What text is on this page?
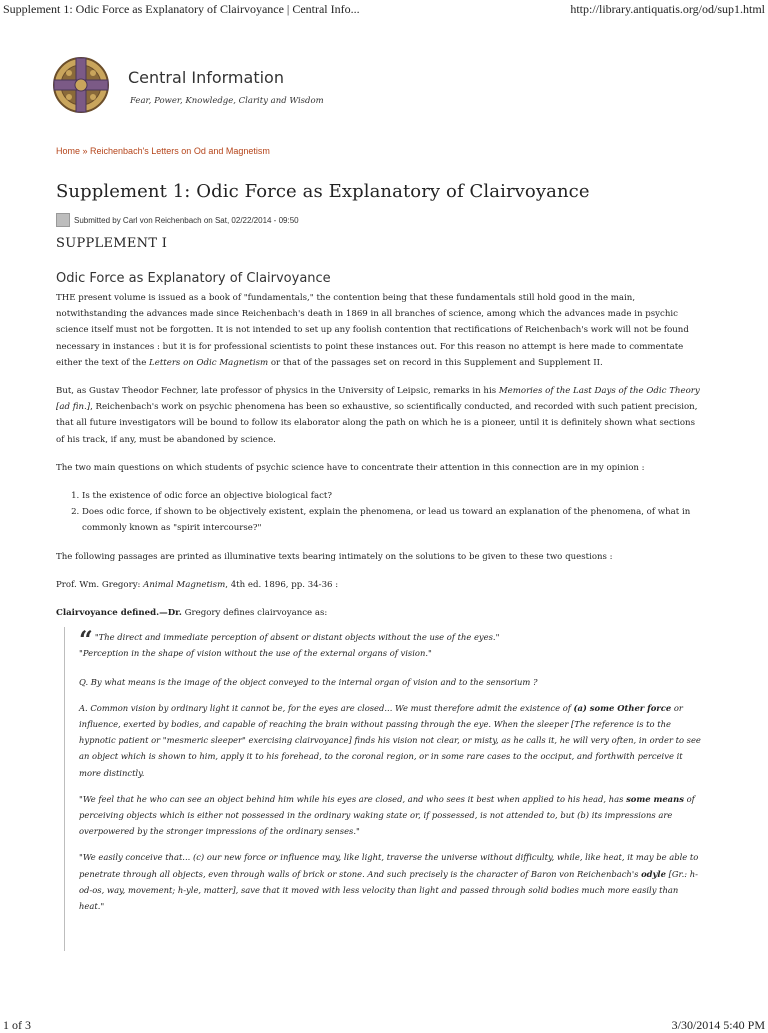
Supplement 1: Odic Force as Explanatory of Clairvoyance | Central Info...	http://library.antiquatis.org/od/sup1.html
Central Information
Fear, Power, Knowledge, Clarity and Wisdom
Home » Reichenbach's Letters on Od and Magnetism
Supplement 1: Odic Force as Explanatory of Clairvoyance
Submitted by Carl von Reichenbach on Sat, 02/22/2014 - 09:50
SUPPLEMENT I
Odic Force as Explanatory of Clairvoyance

THE present volume is issued as a book of "fundamentals," the contention being that these fundamentals still hold good in the main, notwithstanding the advances made since Reichenbach's death in 1869 in all branches of science, among which the advances made in psychic science itself must not be forgotten. It is not intended to set up any foolish contention that rectifications of Reichenbach's work will not be found necessary in instances : but it is for professional scientists to point these instances out. For this reason no attempt is here made to commentate either the text of the Letters on Odic Magnetism or that of the passages set on record in this Supplement and Supplement II.

But, as Gustav Theodor Fechner, late professor of physics in the University of Leipsic, remarks in his Memories of the Last Days of the Odic Theory [ad fin.], Reichenbach's work on psychic phenomena has been so exhaustive, so scientifically conducted, and recorded with such patient precision, that all future investigators will be bound to follow its elaborator along the path on which he is a pioneer, until it is definitely shown what sections of his track, if any, must be abandoned by science.

The two main questions on which students of psychic science have to concentrate their attention in this connection are in my opinion :

1. Is the existence of odic force an objective biological fact?
2. Does odic force, if shown to be objectively existent, explain the phenomena, or lead us toward an explanation of the phenomena, of what in commonly known as "spirit intercourse?"

The following passages are printed as illuminative texts bearing intimately on the solutions to be given to these two questions :

Prof. Wm. Gregory: Animal Magnetism, 4th ed. 1896, pp. 34-36 :

Clairvoyance defined.—Dr. Gregory defines clairvoyance as:

“ "The direct and immediate perception of absent or distant objects without the use of the eyes."
"Perception in the shape of vision without the use of the external organs of vision."

Q. By what means is the image of the object conveyed to the internal organ of vision and to the sensorium ?

A. Common vision by ordinary light it cannot be, for the eyes are closed... We must therefore admit the existence of (a) some Other force or influence, exerted by bodies, and capable of reaching the brain without passing through the eye. When the sleeper [The reference is to the hypnotic patient or "mesmeric sleeper" exercising clairvoyance] finds his vision not clear, or misty, as he calls it, he will very often, in order to see an object which is shown to him, apply it to his forehead, to the coronal region, or in some rare cases to the occiput, and forthwith perceive it more distinctly.

"We feel that he who can see an object behind him while his eyes are closed, and who sees it best when applied to his head, has some means of perceiving objects which is either not possessed in the ordinary waking state or, if possessed, is not attended to, but (b) its impressions are overpowered by the stronger impressions of the ordinary senses."

"We easily conceive that... (c) our new force or influence may, like light, traverse the universe without difficulty, while, like heat, it may be able to penetrate through all objects, even through walls of brick or stone. And such precisely is the character of Baron von Reichenbach's odyle [Gr.: h-od-os, way, movement; h-yle, matter], save that it moved with less velocity than light and passed through solid bodies much more easily than heat."

1 of 3	3/30/2014 5:40 PM
